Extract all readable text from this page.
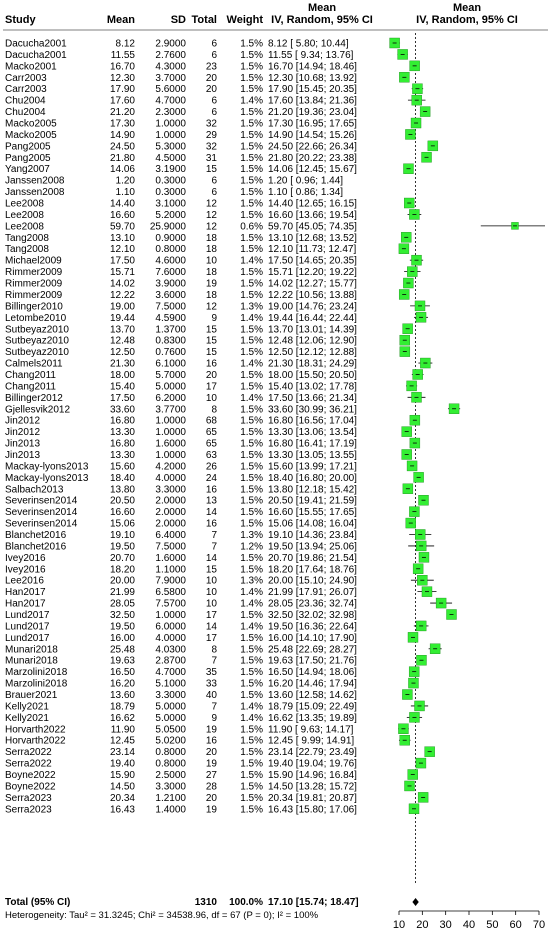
Study	Mean	SD Total Weight
Mean
IV, Random, 95% CI
Mean
IV, Random, 95% CI
Dacucha2001	8.12 2.9000	6 1.5% 8.12 [ 5.80; 10.44]
Dacucha2001	11.55 2.7600	6 1.5% 11.55 [ 9.34; 13.76]
Macko2001	16.70 4.3000 23 1.5% 16.70 [14.94; 18.46]
Carr2003	12.30 3.7000 20 1.5% 12.30 [10.68; 13.92]
Carr2003	17.90 5.6000 20 1.5% 17.90 [15.45; 20.35]
Chu2004	17.60 4.7000	6 1.4% 17.60 [13.84; 21.36]
Chu2004	21.20 2.3000	6 1.5% 21.20 [19.36; 23.04]
Macko2005	17.30 1.0000 32 1.5% 17.30 [16.95; 17.65]
Macko2005	14.90 1.0000 29 1.5% 14.90 [14.54; 15.26]
Pang2005	24.50 5.3000 32 1.5% 24.50 [22.66; 26.34]
Pang2005	21.80 4.5000 31 1.5% 21.80 [20.22; 23.38]
Yang2007	14.06 3.1900 15 1.5% 14.06 [12.45; 15.67]
Janssen2008	1.20 0.3000	6 1.5% 1.20 [ 0.96; 1.44]
Janssen2008	1.10 0.3000	6 1.5% 1.10 [ 0.86; 1.34]
Lee2008	14.40 3.1000 12 1.5% 14.40 [12.65; 16.15]
Lee2008	16.60 5.2000 12 1.5% 16.60 [13.66; 19.54]
Lee2008	59.70 25.9000 12 0.6% 59.70 [45.05; 74.35]
Tang2008	13.10 0.9000 18 1.5% 13.10 [12.68; 13.52]
Tang2008	12.10 0.8000 18 1.5% 12.10 [11.73; 12.47]
Michael2009	17.50 4.6000 10 1.4% 17.50 [14.65; 20.35]
Rimmer2009	15.71 7.6000 18 1.5% 15.71 [12.20; 19.22]
Rimmer2009	14.02 3.9000 19 1.5% 14.02 [12.27; 15.77]
Rimmer2009	12.22 3.6000 18 1.5% 12.22 [10.56; 13.88]
Billinger2010	19.00 7.5000 12 1.3% 19.00 [14.76; 23.24]
Letombe2010	19.44 4.5900	9 1.4% 19.44 [16.44; 22.44]
Sutbeyaz2010	13.70 1.3700 15 1.5% 13.70 [13.01; 14.39]
Sutbeyaz2010	12.48 0.8300 15 1.5% 12.48 [12.06; 12.90]
Sutbeyaz2010	12.50 0.7600 15 1.5% 12.50 [12.12; 12.88]
Calmels2011	21.30 6.1000 16 1.4% 21.30 [18.31; 24.29]
Chang2011	18.00 5.7000 20 1.5% 18.00 [15.50; 20.50]
Chang2011	15.40 5.0000 17 1.5% 15.40 [13.02; 17.78]
Billinger2012	17.50 6.2000 10 1.4% 17.50 [13.66; 21.34]
Gjellesvik2012	33.60 3.7700	8 1.5% 33.60 [30.99; 36.21]
Jin2012	16.80 1.0000 68 1.5% 16.80 [16.56; 17.04]
Jin2012	13.30 1.0000 65 1.5% 13.30 [13.06; 13.54]
Jin2013	16.80 1.6000 65 1.5% 16.80 [16.41; 17.19]
Jin2013	13.30 1.0000 63 1.5% 13.30 [13.05; 13.55]
Mackay-lyons2013 15.60 4.2000 26 1.5% 15.60 [13.99; 17.21]
Mackay-lyons2013 18.40 4.0000 24 1.5% 18.40 [16.80; 20.00]
Salbach2013	13.80 3.3000 16 1.5% 13.80 [12.18; 15.42]
Severinsen2014	20.50 2.0000 13 1.5% 20.50 [19.41; 21.59]
Severinsen2014	16.60 2.0000 14 1.5% 16.60 [15.55; 17.65]
Severinsen2014	15.06 2.0000 16 1.5% 15.06 [14.08; 16.04]
Blanchet2016	19.10 6.4000	7 1.3% 19.10 [14.36; 23.84]
Blanchet2016	19.50 7.5000	7 1.2% 19.50 [13.94; 25.06]
Ivey2016	20.70 1.6000 14 1.5% 20.70 [19.86; 21.54]
Ivey2016	18.20 1.1000 15 1.5% 18.20 [17.64; 18.76]
Lee2016	20.00 7.9000 10 1.3% 20.00 [15.10; 24.90]
Han2017	21.99 6.5800 10 1.4% 21.99 [17.91; 26.07]
Han2017	28.05 7.5700 10 1.4% 28.05 [23.36; 32.74]
Lund2017	32.50 1.0000 17 1.5% 32.50 [32.02; 32.98]
Lund2017	19.50 6.0000 14 1.4% 19.50 [16.36; 22.64]
Lund2017	16.00 4.0000 17 1.5% 16.00 [14.10; 17.90]
Munari2018	25.48 4.0300	8 1.5% 25.48 [22.69; 28.27]
Munari2018	19.63 2.8700	7 1.5% 19.63 [17.50; 21.76]
Marzolini2018	16.50 4.7000 35 1.5% 16.50 [14.94; 18.06]
Marzolini2018	16.20 5.1000 33 1.5% 16.20 [14.46; 17.94]
Brauer2021	13.60 3.3000 40 1.5% 13.60 [12.58; 14.62]
Kelly2021	18.79 5.0000	7 1.4% 18.79 [15.09; 22.49]
Kelly2021	16.62 5.0000	9 1.4% 16.62 [13.35; 19.89]
Horvarth2022	11.90 5.0500 19 1.5% 11.90 [ 9.63; 14.17]
Horvarth2022	12.45 5.0200 16 1.5% 12.45 [ 9.99; 14.91]
Serra2022	23.14 0.8000 20 1.5% 23.14 [22.79; 23.49]
Serra2022	19.40 0.8000 19 1.5% 19.40 [19.04; 19.76]
Boyne2022	15.90 2.5000 27 1.5% 15.90 [14.96; 16.84]
Boyne2022	14.50 3.3000 28 1.5% 14.50 [13.28; 15.72]
Serra2023	20.34 1.2100 20 1.5% 20.34 [19.81; 20.87]
Serra2023	16.43 1.4000 19 1.5% 16.43 [15.80; 17.06]
10 20 30 40 50 60 70
Total (95% CI)	1310 100.0% 17.10 [15.74; 18.47]
Heterogeneity: Tau² = 31.3245; Chi² = 34538.96, df = 67 (P = 0); I² = 100%
